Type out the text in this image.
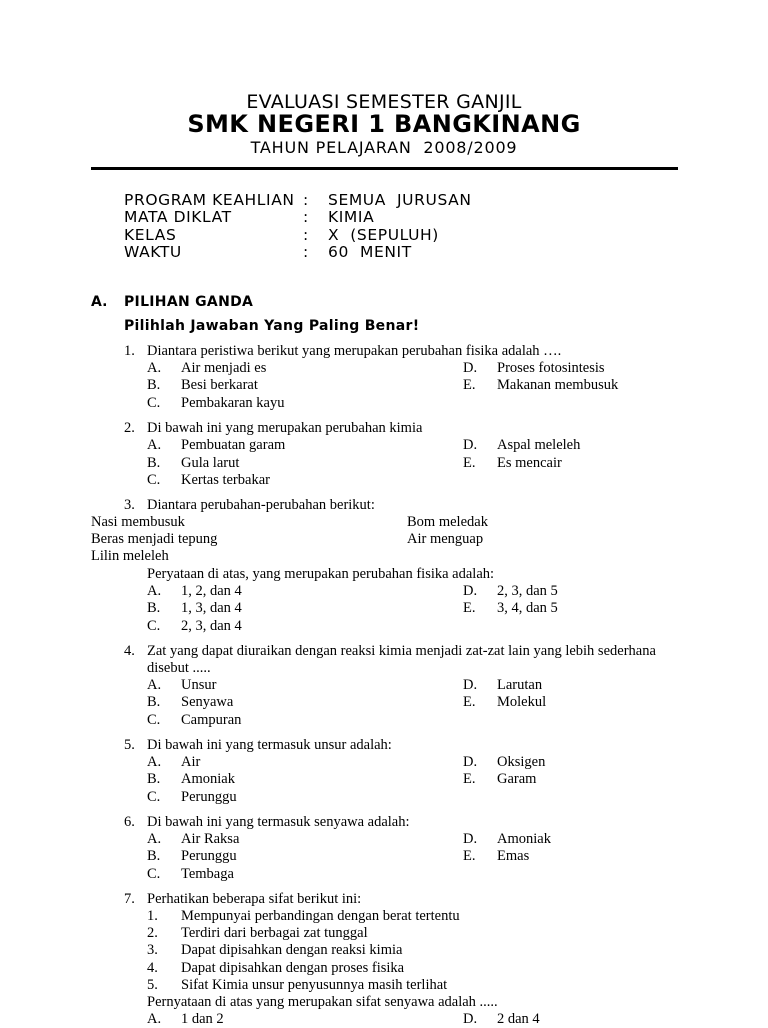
EVALUASI SEMESTER GANJIL
SMK NEGERI 1 BANGKINANG
TAHUN PELAJARAN  2008/2009
PROGRAM KEAHLIAN : SEMUA  JURUSAN
MATA DIKLAT	: KIMIA
KELAS	: X  (SEPULUH)
WAKTU	: 60  MENIT
A. PILIHAN GANDA
Pilihlah Jawaban Yang Paling Benar!
1. Diantara peristiwa berikut yang merupakan perubahan fisika adalah ….
A. Air menjadi es	D. Proses fotosintesis
B. Besi berkarat	E. Makanan membusuk
C. Pembakaran kayu
2. Di bawah ini yang merupakan perubahan kimia
A. Pembuatan garam	D. Aspal meleleh
B. Gula larut	E. Es mencair
C. Kertas terbakar
3. Diantara perubahan-perubahan berikut:
Nasi membusuk	Bom meledak
Beras menjadi tepung	Air menguap
Lilin meleleh
Peryataan di atas, yang merupakan perubahan fisika adalah:
A. 1, 2, dan 4	D. 2, 3, dan 5
B. 1, 3, dan 4	E. 3, 4, dan 5
C. 2, 3, dan 4
4. Zat yang dapat diuraikan dengan reaksi kimia menjadi zat-zat lain yang lebih sederhana
disebut .....
A. Unsur	D. Larutan
B. Senyawa	E. Molekul
C. Campuran
5. Di bawah ini yang termasuk unsur adalah:
A. Air	D. Oksigen
B. Amoniak	E. Garam
C. Perunggu
6. Di bawah ini yang termasuk senyawa adalah:
A. Air Raksa	D. Amoniak
B. Perunggu	E. Emas
C. Tembaga
7. Perhatikan beberapa sifat berikut ini:
1. Mempunyai perbandingan dengan berat tertentu
2. Terdiri dari berbagai zat tunggal
3. Dapat dipisahkan dengan reaksi kimia
4. Dapat dipisahkan dengan proses fisika
5. Sifat Kimia unsur penyusunnya masih terlihat
Pernyataan di atas yang merupakan sifat senyawa adalah .....
A. 1 dan 2	D. 2 dan 4
